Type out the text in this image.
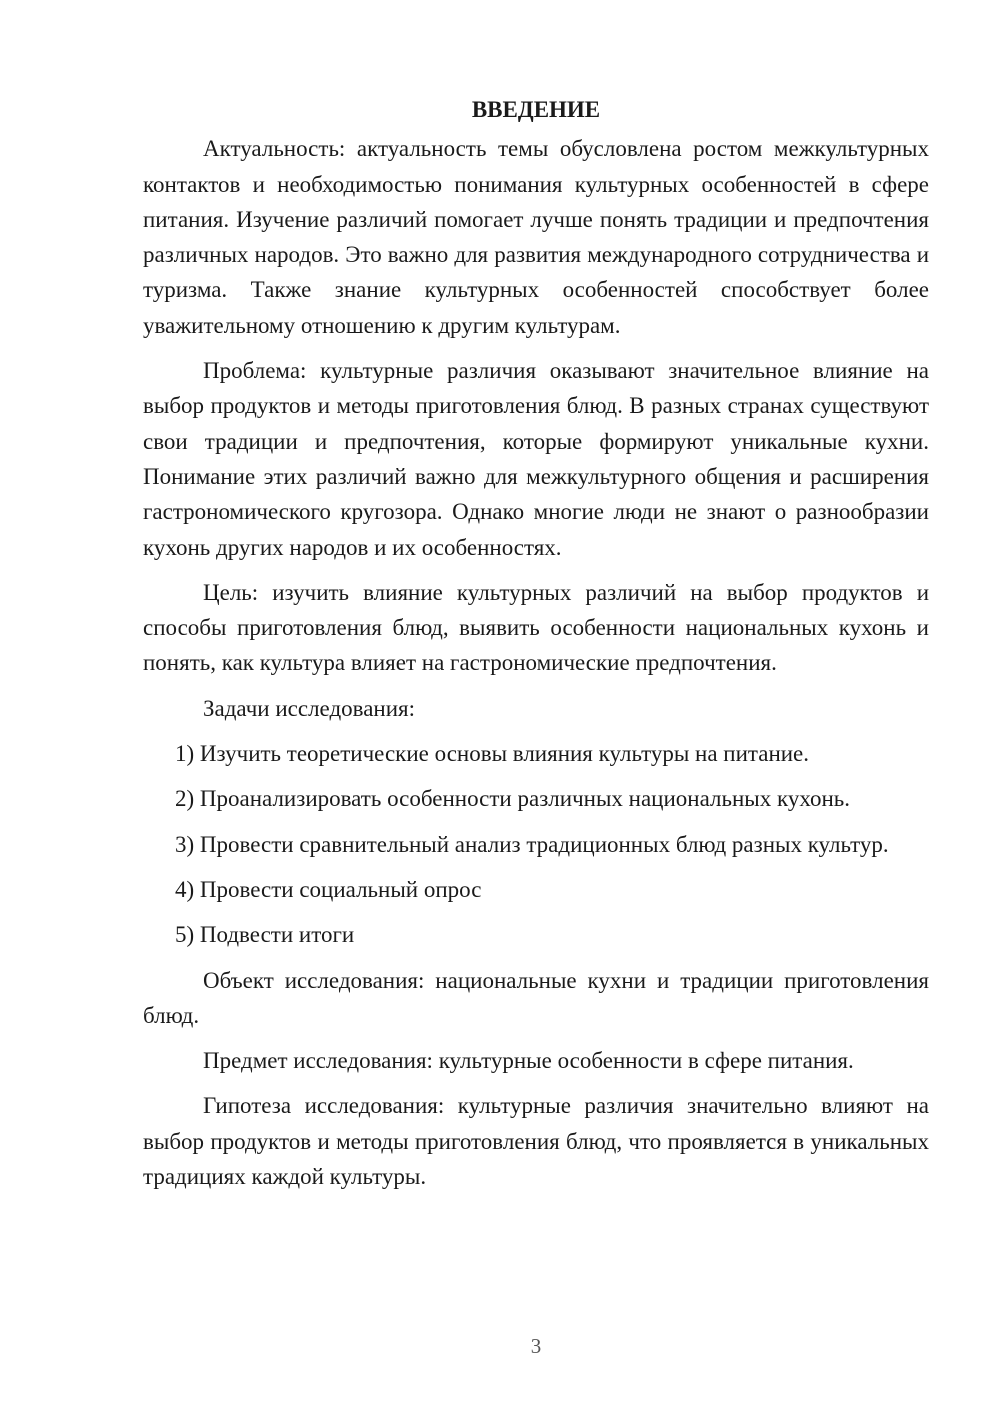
ВВЕДЕНИЕ

Актуальность: актуальность темы обусловлена ростом межкультурных контактов и необходимостью понимания культурных особенностей в сфере питания. Изучение различий помогает лучше понять традиции и предпочтения различных народов. Это важно для развития международного сотрудничества и туризма. Также знание культурных особенностей способствует более уважительному отношению к другим культурам.

Проблема: культурные различия оказывают значительное влияние на выбор продуктов и методы приготовления блюд. В разных странах существуют свои традиции и предпочтения, которые формируют уникальные кухни. Понимание этих различий важно для межкультурного общения и расширения гастрономического кругозора. Однако многие люди не знают о разнообразии кухонь других народов и их особенностях.

Цель: изучить влияние культурных различий на выбор продуктов и способы приготовления блюд, выявить особенности национальных кухонь и понять, как культура влияет на гастрономические предпочтения.

Задачи исследования:

1) Изучить теоретические основы влияния культуры на питание.

2) Проанализировать особенности различных национальных кухонь.

3) Провести сравнительный анализ традиционных блюд разных культур.

4) Провести социальный опрос

5) Подвести итоги

Объект исследования: национальные кухни и традиции приготовления блюд.

Предмет исследования: культурные особенности в сфере питания.

Гипотеза исследования: культурные различия значительно влияют на выбор продуктов и методы приготовления блюд, что проявляется в уникальных традициях каждой культуры.

3
